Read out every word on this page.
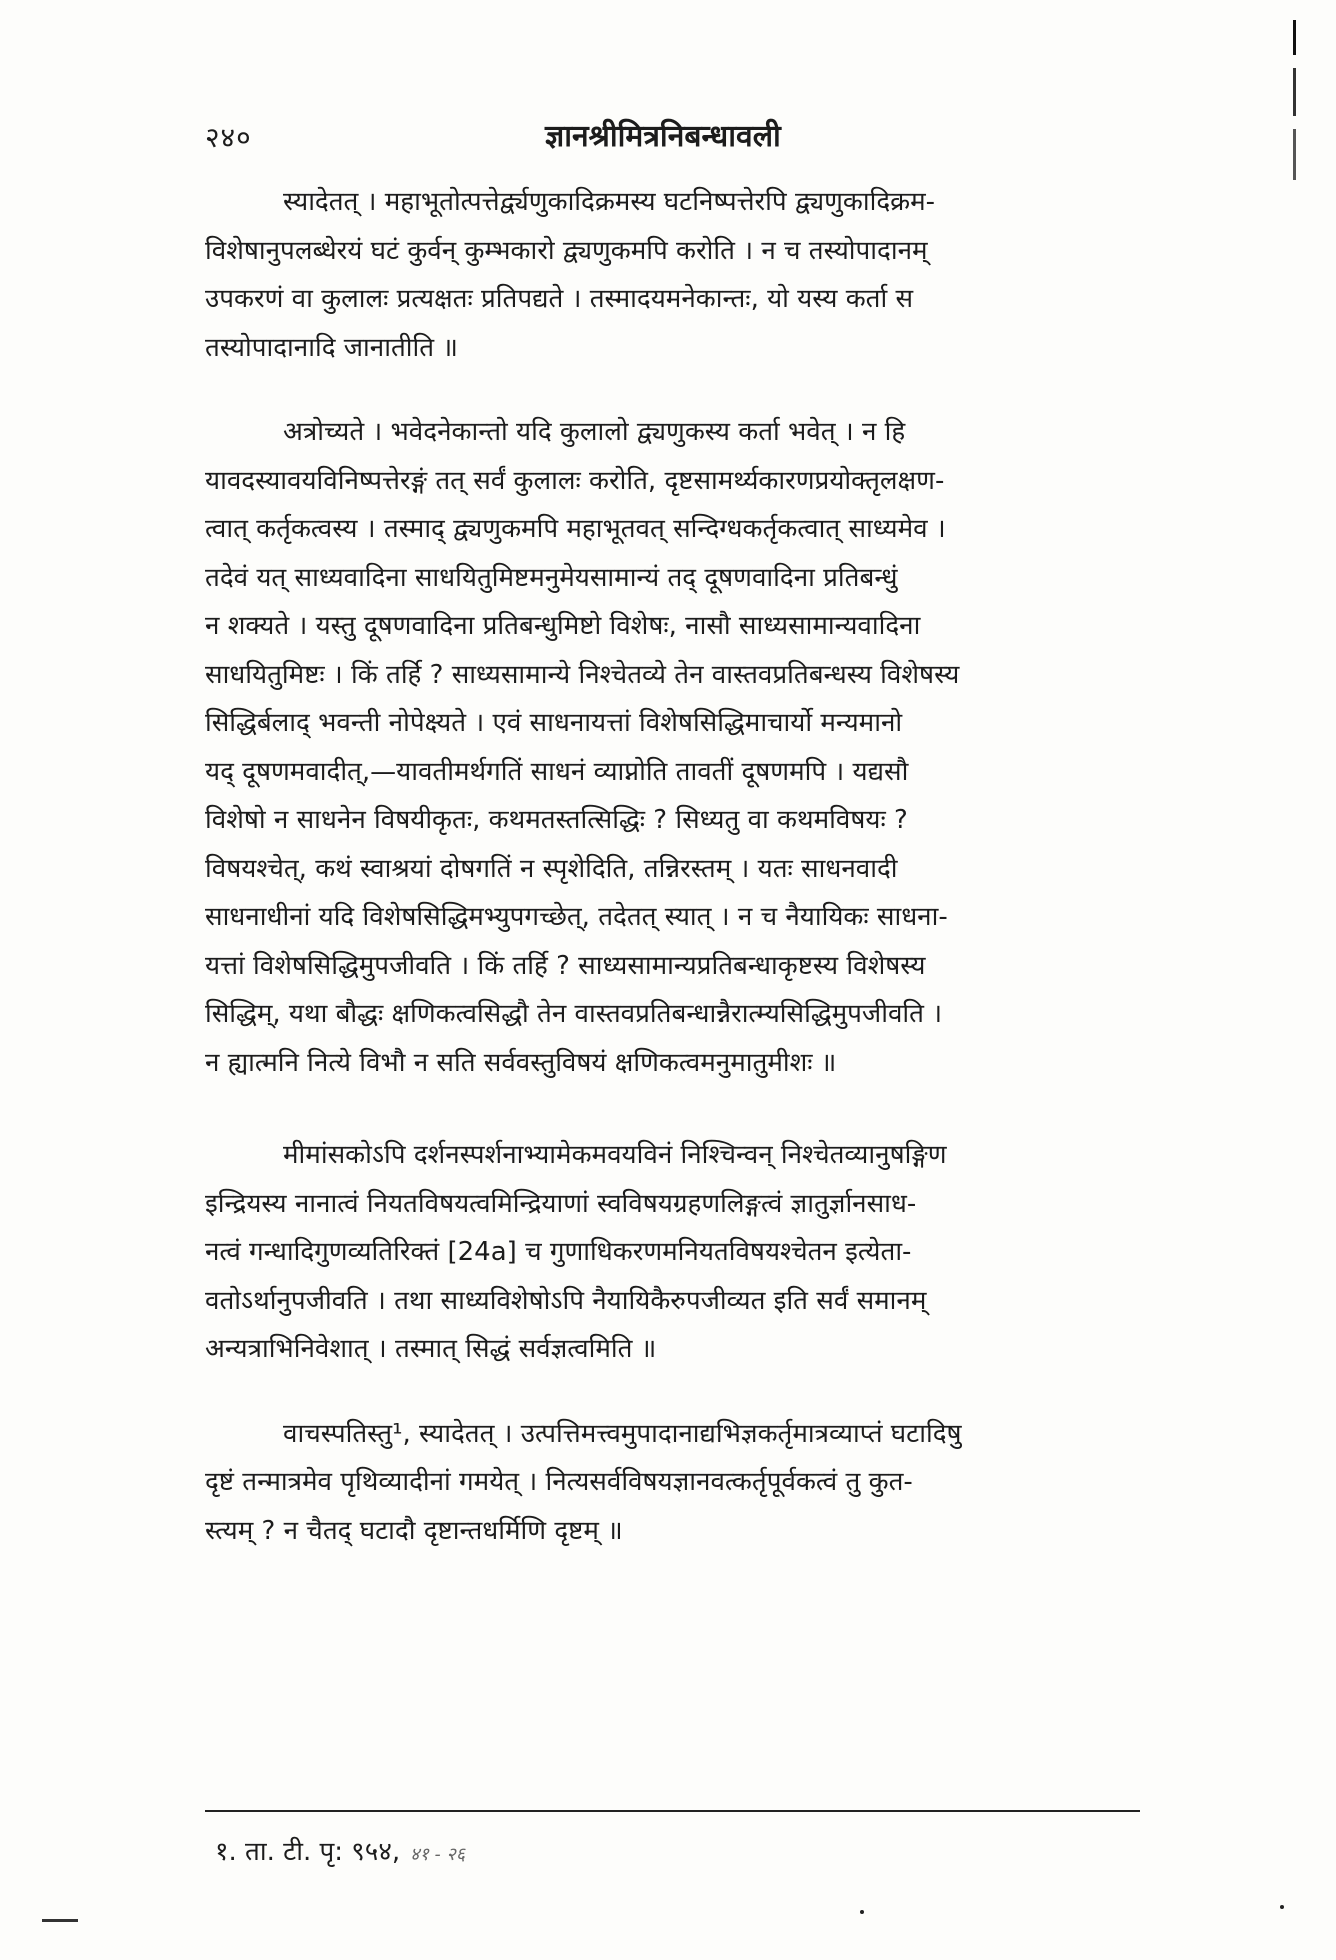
२४०	ज्ञानश्रीमित्रनिबन्धावली

स्यादेतत् । महाभूतोत्पत्तेर्द्व्यणुकादिक्रमस्य घटनिष्पत्तेरपि द्व्यणुकादिक्रम-
विशेषानुपलब्धेरयं घटं कुर्वन् कुम्भकारो द्व्यणुकमपि करोति । न च तस्योपादानम्
उपकरणं वा कुलालः प्रत्यक्षतः प्रतिपद्यते । तस्मादयमनेकान्तः, यो यस्य कर्ता स
तस्योपादानादि जानातीति ॥

अत्रोच्यते । भवेदनेकान्तो यदि कुलालो द्व्यणुकस्य कर्ता भवेत् । न हि
यावदस्यावयविनिष्पत्तेरङ्गं तत् सर्वं कुलालः करोति, दृष्टसामर्थ्यकारणप्रयोक्तृलक्षण-
त्वात् कर्तृकत्वस्य । तस्माद् द्व्यणुकमपि महाभूतवत् सन्दिग्धकर्तृकत्वात् साध्यमेव ।
तदेवं यत् साध्यवादिना साधयितुमिष्टमनुमेयसामान्यं तद् दूषणवादिना प्रतिबन्धुं
न शक्यते । यस्तु दूषणवादिना प्रतिबन्धुमिष्टो विशेषः, नासौ साध्यसामान्यवादिना
साधयितुमिष्टः । किं तर्हि ? साध्यसामान्ये निश्चेतव्ये तेन वास्तवप्रतिबन्धस्य विशेषस्य
सिद्धिर्बलाद् भवन्ती नोपेक्ष्यते । एवं साधनायत्तां विशेषसिद्धिमाचार्यो मन्यमानो
यद् दूषणमवादीत्,—यावतीमर्थगतिं साधनं व्याप्नोति तावतीं दूषणमपि । यद्यसौ
विशेषो न साधनेन विषयीकृतः, कथमतस्तत्सिद्धिः ? सिध्यतु वा कथमविषयः ?
विषयश्चेत्, कथं स्वाश्रयां दोषगतिं न स्पृशेदिति, तन्निरस्तम् । यतः साधनवादी
साधनाधीनां यदि विशेषसिद्धिमभ्युपगच्छेत्, तदेतत् स्यात् । न च नैयायिकः साधना-
यत्तां विशेषसिद्धिमुपजीवति । किं तर्हि ? साध्यसामान्यप्रतिबन्धाकृष्टस्य विशेषस्य
सिद्धिम्, यथा बौद्धः क्षणिकत्वसिद्धौ तेन वास्तवप्रतिबन्धान्नैरात्म्यसिद्धिमुपजीवति ।
न ह्यात्मनि नित्ये विभौ न सति सर्ववस्तुविषयं क्षणिकत्वमनुमातुमीशः ॥

मीमांसकोऽपि दर्शनस्पर्शनाभ्यामेकमवयविनं निश्चिन्वन् निश्चेतव्यानुषङ्गिण
इन्द्रियस्य नानात्वं नियतविषयत्वमिन्द्रियाणां स्वविषयग्रहणलिङ्गत्वं ज्ञातुर्ज्ञानसाध-
नत्वं गन्धादिगुणव्यतिरिक्तं [24a] च गुणाधिकरणमनियतविषयश्चेतन इत्येता-
वतोऽर्थानुपजीवति । तथा साध्यविशेषोऽपि नैयायिकैरुपजीव्यत इति सर्वं समानम्
अन्यत्राभिनिवेशात् । तस्मात् सिद्धं सर्वज्ञत्वमिति ॥

वाचस्पतिस्तु¹, स्यादेतत् । उत्पत्तिमत्त्वमुपादानाद्यभिज्ञकर्तृमात्रव्याप्तं घटादिषु
दृष्टं तन्मात्रमेव पृथिव्यादीनां गमयेत् । नित्यसर्वविषयज्ञानवत्कर्तृपूर्वकत्वं तु कुत-
स्त्यम् ? न चैतद् घटादौ दृष्टान्तधर्मिणि दृष्टम् ॥

१. ता. टी. पृ: ९५४, ४१ - २६
